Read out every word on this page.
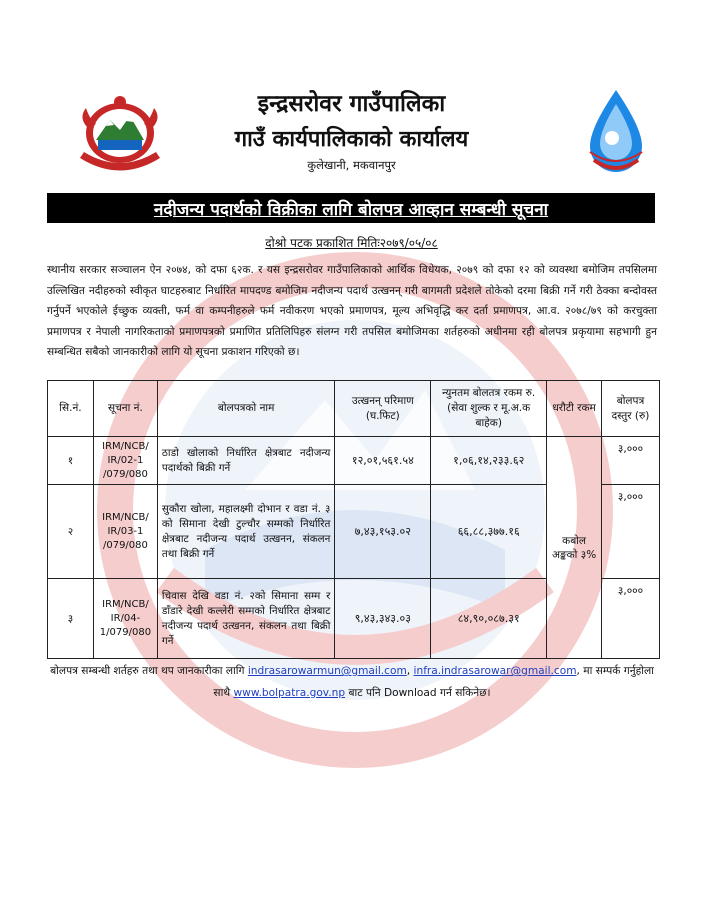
इन्द्रसरोवर गाउँपालिका
गाउँ कार्यपालिकाको कार्यालय
कुलेखानी, मकवानपुर
नदीजन्य पदार्थको विक्रीका लागि बोलपत्र आव्हान सम्बन्धी सूचना
दोश्रो पटक प्रकाशित मितिः२०७९/०५/०८
स्थानीय सरकार सञ्चालन ऐन २०७४, को दफा ६२क. र यस इन्द्रसरोवर गाउँपालिकाको आर्थिक विधेयक, २०७९ को दफा १२ को व्यवस्था बमोजिम तपसिलमा उल्लिखित नदीहरुको स्वीकृत घाटहरुबाट निर्धारित मापदण्ड बमोजिम नदीजन्य पदार्थ उत्खनन् गरी बागमती प्रदेशले तोकेको दरमा बिक्री गर्ने गरी ठेक्का बन्दोवस्त गर्नुपर्ने भएकोले ईच्छुक व्यक्ती, फर्म वा कम्पनीहरुले फर्म नवीकरण भएको प्रमाणपत्र, मूल्य अभिवृद्धि कर दर्ता प्रमाणपत्र, आ.व. २०७८/७९ को करचुक्ता प्रमाणपत्र र नेपाली नागरिकताको प्रमाणपत्रको प्रमाणित प्रतिलिपिहरु संलग्न गरी तपसिल बमोजिमका शर्तहरुको अधीनमा रही बोलपत्र प्रकृयामा सहभागी हुन सम्बन्धित सबैको जानकारीको लागि यो सूचना प्रकाशन गरिएको छ।
सि.नं.	सूचना नं.	बोलपत्रको नाम	उत्खनन् परिमाण (घ.फिट)	न्युनतम बोलतत्र रकम रु.(सेवा शुल्क र मू.अ.क बाहेक)	धरौटी रकम	बोलपत्र दस्तुर (रु)
१	IRM/NCB/ IR/02-1 /079/080	ठाडो खोलाको निर्धारित क्षेत्रबाट नदीजन्य पदार्थको बिक्री गर्ने	१२,०१,५६१.५४	१,०६,१४,२३३.६२	कबोल अङ्कको ३%	३,०००
२	IRM/NCB/ IR/03-1 /079/080	सुकौरा खोला, महालक्ष्मी दोभान र वडा नं. ३ को सिमाना देखी टुल्चौर सम्मको निर्धारित क्षेत्रबाट नदीजन्य पदार्थ उत्खनन, संकलन तथा बिक्री गर्ने	७,४३,१५३.०२	६६,८८,३७७.१६		३,०००
३	IRM/NCB/ IR/04- 1/079/080	चिवास देखि वडा नं. २को सिमाना सम्म र डाँडारे देखी कल्लेरी सम्मको निर्धारित क्षेत्रबाट नदीजन्य पदार्थ उत्खनन, संकलन तथा बिक्री गर्ने	९,४३,३४३.०३	८४,९०,०८७.३१		३,०००
बोलपत्र सम्बन्धी शर्तहरु तथा थप जानकारीका लागि indrasarowarmun@gmail.com, infra.indrasarowar@gmail.com, मा सम्पर्क गर्नुहोला साथै www.bolpatra.gov.np बाट पनि Download गर्न सकिनेछ।
